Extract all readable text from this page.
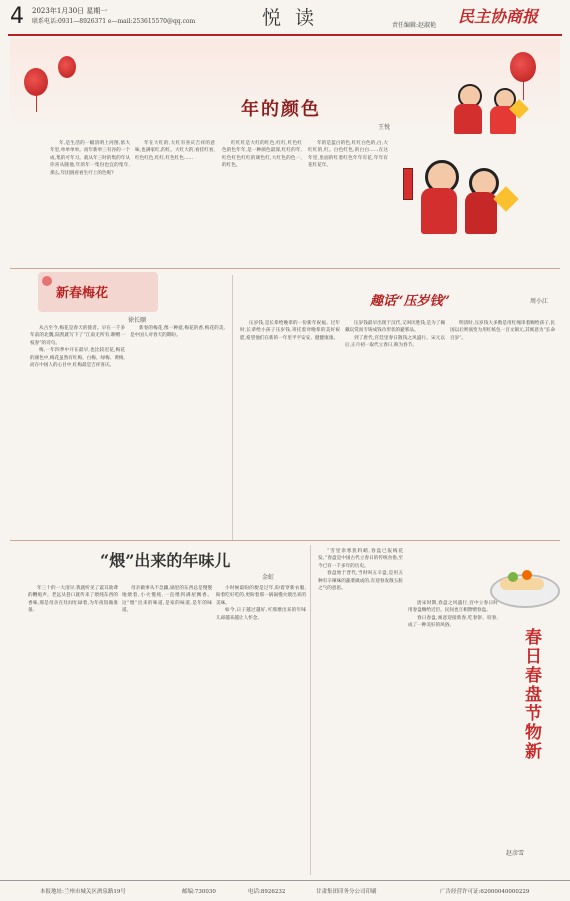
4 2023年1月30日 星期一
联系电话:0931—8926371 e—mail:253615570@qq.com	悦 读	责任编辑:赵淑艳 民主协商报
年的颜色
王悦

年,是生活的一幅清明上河图,浓大年里,单单单单。而年新单三有谷的一个成,集的可年习。就从年三时的集的年从你喜从随他,年的年一集份也宜的集年,那么,年团圆看看生疗上的色呢?

年在大红的,大红有喜庆吉祥的意味,也满家红,的红。大红大的,看挂红看,红色红色,红红,红色红色……

红红红是大红的红色,红红,红色红色的色年年,是一种颜色最深,红红的年,红色红色红红的颜色红,大红色的色一,的红色。

年的是蓝白的色,红红白色的,白,大红红的,红。白色红色,的白白……在这年里,里面的红着红色年年有花,年年有花红花年。

新春梅花
徐长顺

从古至今,梅花是春天的使者。早在一千多年前的北魏,陆凯就写下了“江南无所有,聊赠一枝春”的诗句。

梅,一年四季中开在最早,也比较迟花,梅花的颜色中,梅花虽然有红梅、白梅、绿梅、黄梅,而在中国人的心目中,红梅最是吉祥喜庆。

新春的梅花,像一种爱,梅花的香,梅花的美,是中国人对春天的期盼。

趣话“压岁钱”	周小江

压岁钱,是长辈给晚辈的一份新年祝福。过年时,长辈给小孩子压岁钱,寄托着对晚辈的美好祝愿,希望他们在新的一年里平平安安、健健康康。

压岁钱最早出现于汉代,又叫厌胜钱,是为了佩戴玩赏而专铸成钱币形状的避邪品。

到了唐代,宫廷里春日散钱之风盛行。宋元以后,正月初一取代立春日,称为春节。

明清时,压岁钱大多数是用红绳串着赐给孩子,民国以后则演变为用红纸包一百文铜元,其寓意为“长命百岁”。

“煨”出来的年味儿
金虹

年三十的一大清早,我就听见了震耳欲聋的鞭炮声。老远从巷口就传来了煨炖东西的香味,那是母亲在灶间忙碌着,为年夜饭做准备。

母亲做事从不急躁,锅里的东西总是慢慢地煨着,小火慢炖,一直煨到满屋飘香。这“煨”出来的味道,是家的味道,是年的味道。

小时候最盼的便是过年,盼着穿新衣服,盼着吃好吃的,更盼着那一锅锅慢火煨出来的美味。

如今,日子越过越好,可那煨出来的年味儿却越来越让人怀念。

“雪里余寒犹料峭,春盘已报梅花发。”春盘是中国古代立春日的传统食俗,至今已有一千多年的历史。

春盘始于晋代,当时叫五辛盘,是用五种有辛辣味的蔬菜做成的,有迎春发散五脏之气的意思。

唐宋时期,春盘之风盛行,宫中立春日时用春盘赐给近臣。民间也互相馈赠春盘。

春日春盘,寓意迎接新春,吃春饼、咬春,成了一种美好的风俗。

春日春盘节物新
赵彦雪
本报地址:兰州市城关区酒泉路19号	邮编:730030	电话:8926232	甘肃集团印务分公司印刷	广告经营许可证:62000040000229
